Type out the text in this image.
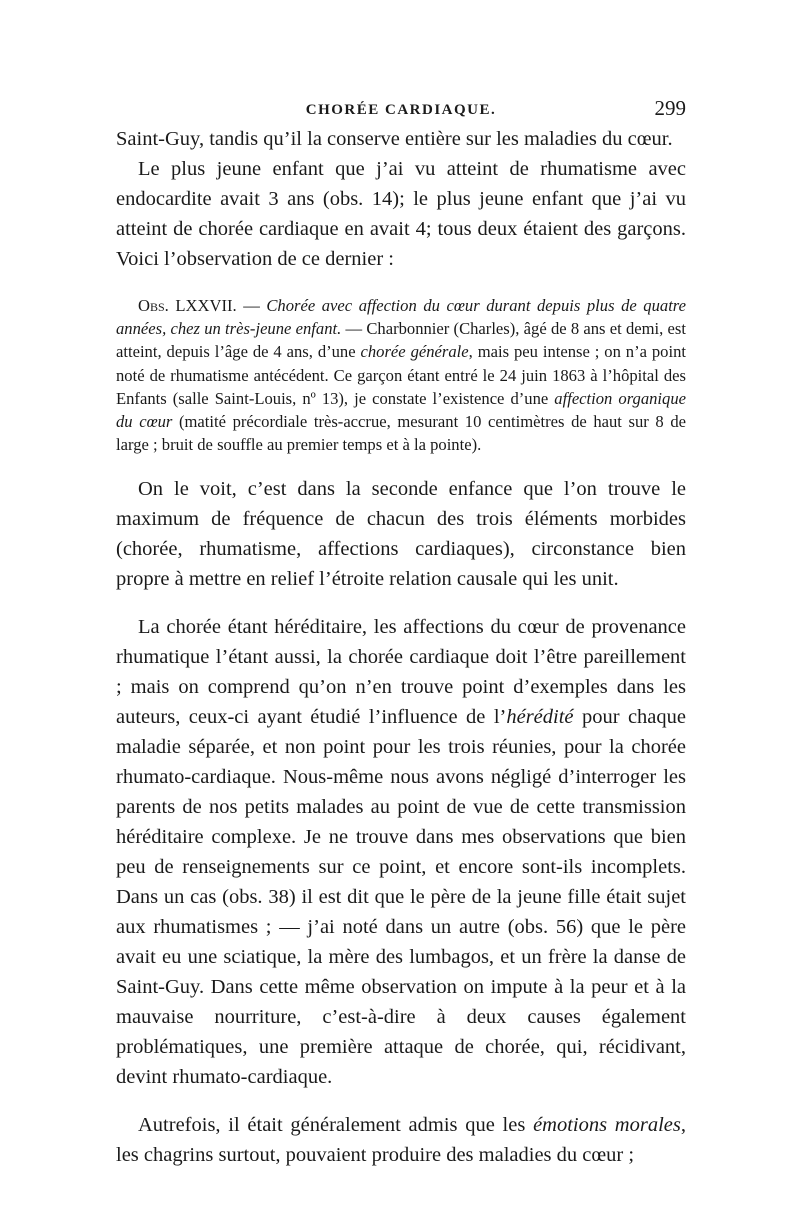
CHORÉE CARDIAQUE.	299

Saint-Guy, tandis qu’il la conserve entière sur les maladies du cœur.

Le plus jeune enfant que j’ai vu atteint de rhumatisme avec endocardite avait 3 ans (obs. 14); le plus jeune enfant que j’ai vu atteint de chorée cardiaque en avait 4; tous deux étaient des garçons. Voici l’observation de ce dernier :

Obs. LXXVII. — Chorée avec affection du cœur durant depuis plus de quatre années, chez un très-jeune enfant. — Charbonnier (Charles), âgé de 8 ans et demi, est atteint, depuis l’âge de 4 ans, d’une chorée générale, mais peu intense ; on n’a point noté de rhumatisme antécédent. Ce garçon étant entré le 24 juin 1863 à l’hôpital des Enfants (salle Saint-Louis, nº 13), je constate l’existence d’une affection organique du cœur (matité précordiale très-accrue, mesurant 10 centimètres de haut sur 8 de large ; bruit de souffle au premier temps et à la pointe).

On le voit, c’est dans la seconde enfance que l’on trouve le maximum de fréquence de chacun des trois éléments morbides (chorée, rhumatisme, affections cardiaques), circonstance bien propre à mettre en relief l’étroite relation causale qui les unit.

La chorée étant héréditaire, les affections du cœur de provenance rhumatique l’étant aussi, la chorée cardiaque doit l’être pareillement ; mais on comprend qu’on n’en trouve point d’exemples dans les auteurs, ceux-ci ayant étudié l’influence de l’hérédité pour chaque maladie séparée, et non point pour les trois réunies, pour la chorée rhumato-cardiaque. Nous-même nous avons négligé d’interroger les parents de nos petits malades au point de vue de cette transmission héréditaire complexe. Je ne trouve dans mes observations que bien peu de renseignements sur ce point, et encore sont-ils incomplets. Dans un cas (obs. 38) il est dit que le père de la jeune fille était sujet aux rhumatismes ; — j’ai noté dans un autre (obs. 56) que le père avait eu une sciatique, la mère des lumbagos, et un frère la danse de Saint-Guy. Dans cette même observation on impute à la peur et à la mauvaise nourriture, c’est-à-dire à deux causes également problématiques, une première attaque de chorée, qui, récidivant, devint rhumato-cardiaque.

Autrefois, il était généralement admis que les émotions morales, les chagrins surtout, pouvaient produire des maladies du cœur ;
